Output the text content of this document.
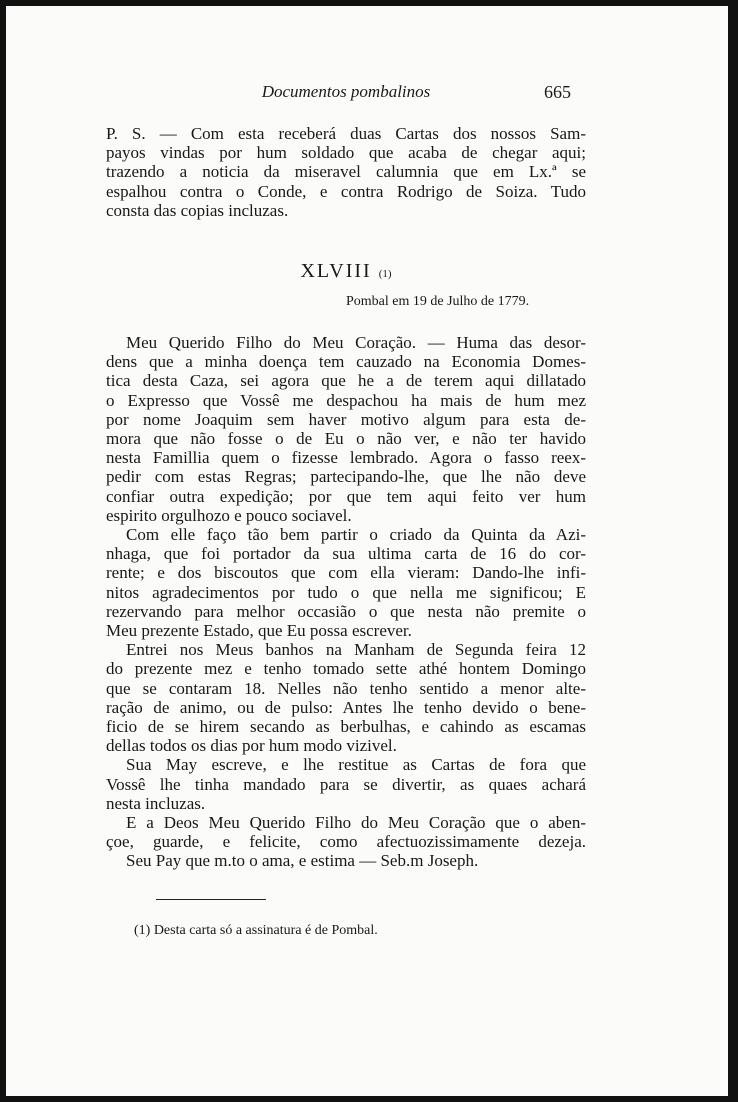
Documentos pombalinos	665
P. S. — Com esta receberá duas Cartas dos nossos Sam-
payos vindas por hum soldado que acaba de chegar aqui;
trazendo a noticia da miseravel calumnia que em Lx.ª se
espalhou contra o Conde, e contra Rodrigo de Soiza. Tudo
consta das copias incluzas.
XLVIII (1)
Pombal em 19 de Julho de 1779.
Meu Querido Filho do Meu Coração. — Huma das desor-
dens que a minha doença tem cauzado na Economia Domes-
tica desta Caza, sei agora que he a de terem aqui dillatado
o Expresso que Vossê me despachou ha mais de hum mez
por nome Joaquim sem haver motivo algum para esta de-
mora que não fosse o de Eu o não ver, e não ter havido
nesta Famillia quem o fizesse lembrado. Agora o fasso reex-
pedir com estas Regras; partecipando-lhe, que lhe não deve
confiar outra expedição; por que tem aqui feito ver hum
espirito orgulhozo e pouco sociavel.
Com elle faço tão bem partir o criado da Quinta da Azi-
nhaga, que foi portador da sua ultima carta de 16 do cor-
rente; e dos biscoutos que com ella vieram: Dando-lhe infi-
nitos agradecimentos por tudo o que nella me significou; E
rezervando para melhor occasião o que nesta não premite o
Meu prezente Estado, que Eu possa escrever.
Entrei nos Meus banhos na Manham de Segunda feira 12
do prezente mez e tenho tomado sette athé hontem Domingo
que se contaram 18. Nelles não tenho sentido a menor alte-
ração de animo, ou de pulso: Antes lhe tenho devido o bene-
ficio de se hirem secando as berbulhas, e cahindo as escamas
dellas todos os dias por hum modo vizivel.
Sua May escreve, e lhe restitue as Cartas de fora que
Vossê lhe tinha mandado para se divertir, as quaes achará
nesta incluzas.
E a Deos Meu Querido Filho do Meu Coração que o aben-
çoe, guarde, e felicite, como afectuozissimamente dezeja.
Seu Pay que m.to o ama, e estima — Seb.m Joseph.
(1) Desta carta só a assinatura é de Pombal.
